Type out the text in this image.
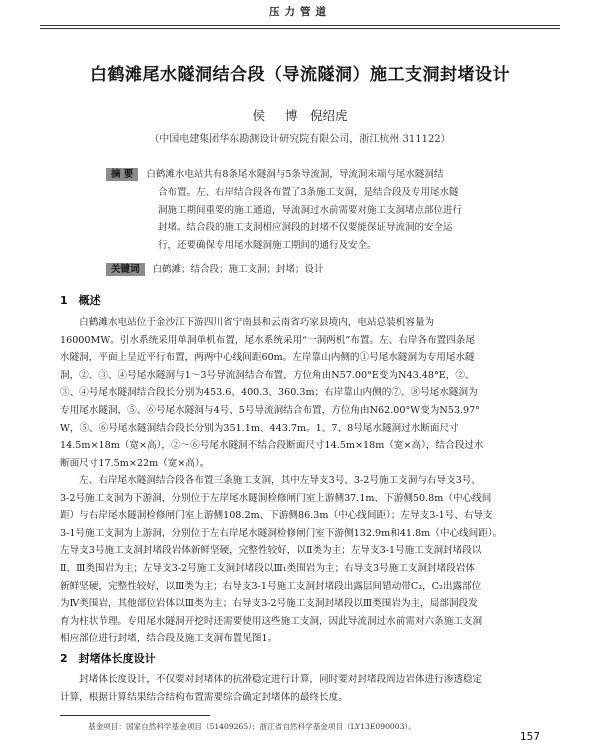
压力管道
白鹤滩尾水隧洞结合段（导流隧洞）施工支洞封堵设计
侯 博　倪绍虎
（中国电建集团华东勘测设计研究院有限公司，浙江杭州 311122）
摘 要 白鹤滩水电站共有8条尾水隧洞与5条导流洞，导流洞末端与尾水隧洞结
合布置。左、右岸结合段各布置了3条施工支洞，是结合段及专用尾水隧
洞施工期间重要的施工通道，导流洞过水前需要对施工支洞堵点部位进行
封堵。结合段的施工支洞相应洞段的封堵不仅要能保证导流洞的安全运
行，还要确保专用尾水隧洞施工期间的通行及安全。
关键词 白鹤滩；结合段；施工支洞；封堵；设计
1　概述
　　白鹤滩水电站位于金沙江下游四川省宁南县和云南省巧家县境内，电站总装机容量为
16000MW。引水系统采用单洞单机布置，尾水系统采用“一洞两机”布置。左、右岸各布置四条尾
水隧洞，平面上呈近平行布置，两两中心线间距60m。左岸靠山内侧的①号尾水隧洞为专用尾水隧
洞，②、③、④号尾水隧洞与1～3号导流洞结合布置，方位角由N57.00°E变为N43.48°E，②、
③、④号尾水隧洞结合段长分别为453.6、400.3、360.3m；右岸靠山内侧的⑦、⑧号尾水隧洞为
专用尾水隧洞，⑤、⑥号尾水隧洞与4号、5号导流洞结合布置，方位角由N62.00°W变为N53.97°
W，⑤、⑥号尾水隧洞结合段长分别为351.1m、443.7m。1、7、8号尾水隧洞过水断面尺寸
14.5m×18m（宽×高），②～⑥号尾水隧洞不结合段断面尺寸14.5m×18m（宽×高），结合段过水
断面尺寸17.5m×22m（宽×高）。
　　左、右岸尾水隧洞结合段各布置三条施工支洞，其中左导支3号、3-2号施工支洞与右导支3号、
3-2号施工支洞为下游洞，分别位于左岸尾水隧洞检修闸门室上游侧37.1m、下游侧50.8m（中心线间
距）与右岸尾水隧洞检修闸门室上游侧108.2m、下游侧86.3m（中心线间距）；左导支3-1号、右导支
3-1号施工支洞为上游洞，分别位于左右岸尾水隧洞检修闸门室下游侧132.9m和41.8m（中心线间距）。
左导支3号施工支洞封堵段岩体新鲜坚硬，完整性较好，以Ⅱ类为主；左导支3-1号施工支洞封堵段以
Ⅱ、Ⅲ类围岩为主；左导支3-2号施工支洞封堵段以Ⅲ₁类围岩为主；右导支3号施工支洞封堵段岩体
新鲜坚硬，完整性较好，以Ⅲ类为主；右导支3-1号施工支洞封堵段出露层间错动带C₂，C₂出露部位
为Ⅳ类围岩，其他部位岩体以Ⅲ类为主；右导支3-2号施工支洞封堵段以Ⅲ类围岩为主，局部洞段发
育为柱状节理。专用尾水隧洞开挖时还需要使用这些施工支洞，因此导流洞过水前需对六条施工支洞
相应部位进行封堵，结合段及施工支洞布置见图1。
2　封堵体长度设计
　　封堵体长度设计，不仅要对封堵体的抗滑稳定进行计算，同时要对封堵段周边岩体进行渗透稳定
计算，根据计算结果结合结构布置需要综合确定封堵体的最终长度。
基金项目：国家自然科学基金项目（51409265）；浙江省自然科学基金项目（LY13E090003）。
157
